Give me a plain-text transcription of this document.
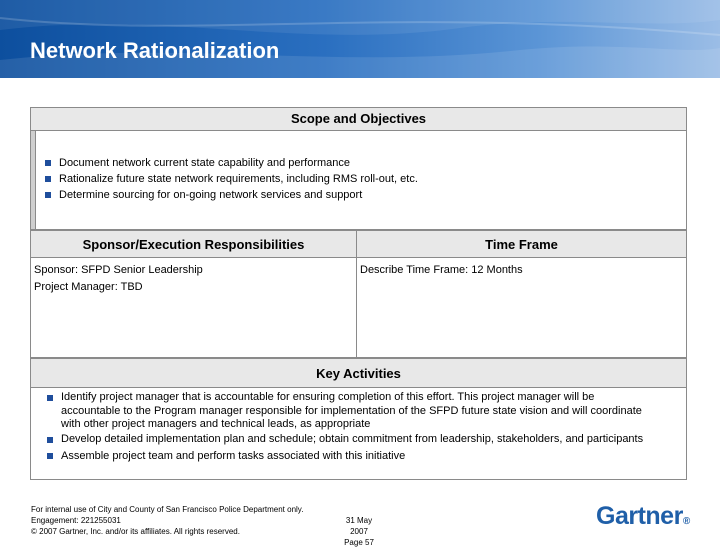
Network Rationalization
Scope and Objectives
Document network current state capability and performance
Rationalize future state network requirements, including RMS roll-out, etc.
Determine sourcing for on-going network services and support
Sponsor/Execution Responsibilities
Sponsor: SFPD Senior Leadership
Project Manager: TBD
Time Frame
Describe Time Frame: 12 Months
Key Activities
Identify project manager that is accountable for ensuring completion of this effort. This project manager will be
accountable to the Program manager responsible for implementation of the SFPD future state vision and will coordinate
with other project managers and technical leads, as appropriate
Develop detailed implementation plan and schedule; obtain commitment from leadership, stakeholders, and participants
Assemble project team and perform tasks associated with this initiative
For internal use of City and County of San Francisco Police Department only.
Engagement: 221255031
© 2007 Gartner, Inc. and/or its affiliates. All rights reserved.
31 May 2007
Page 57
Gartner®
